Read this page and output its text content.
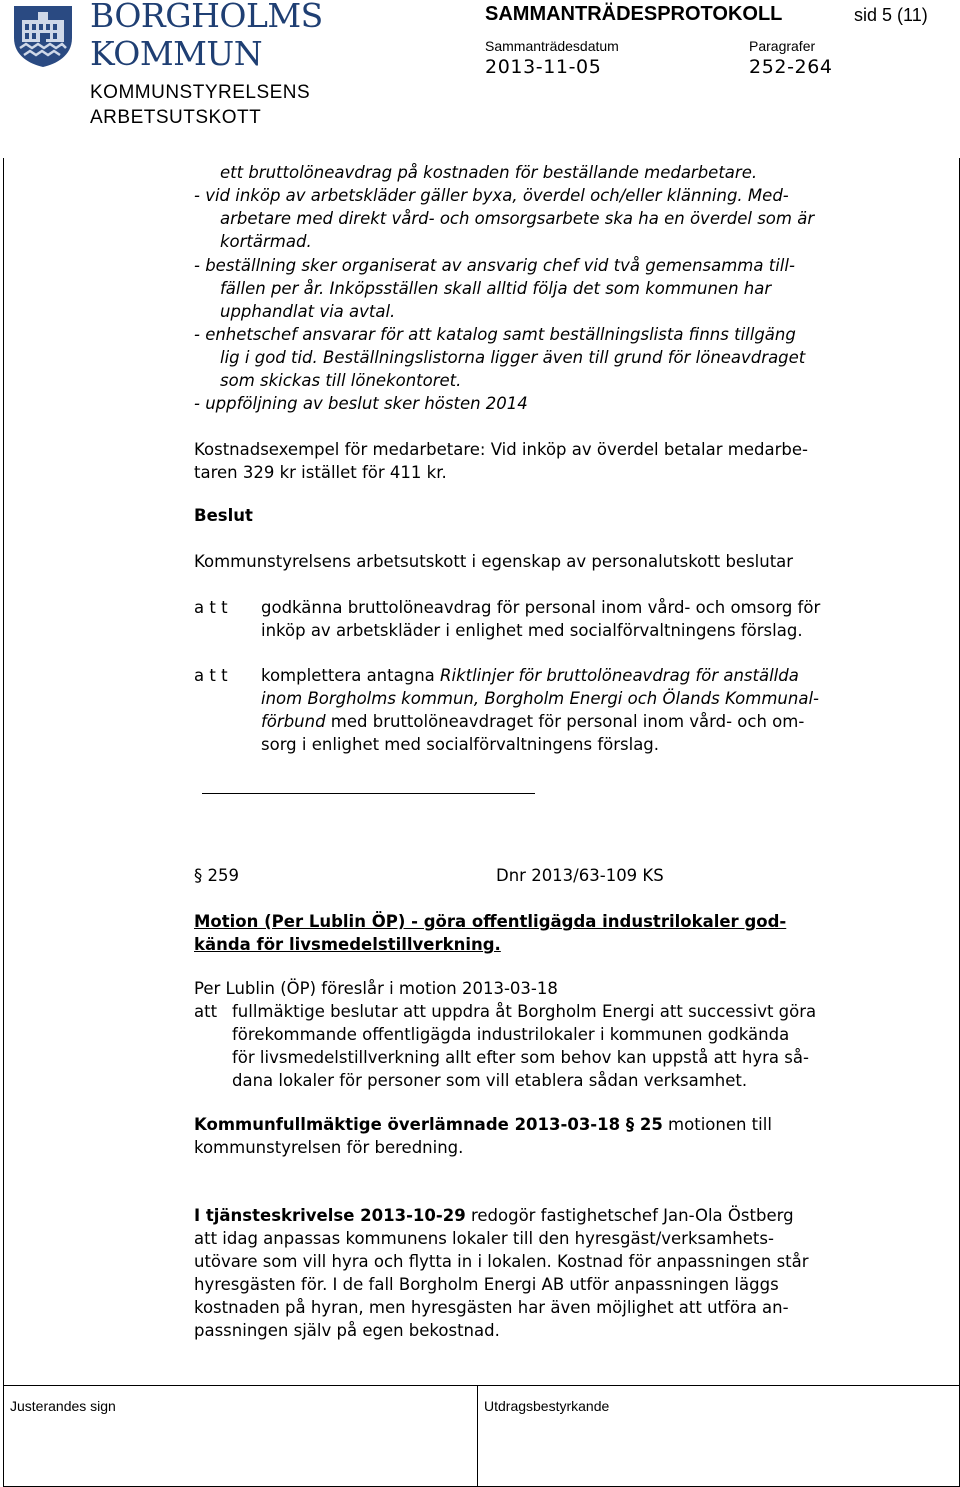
BORGHOLMS
KOMMUN
KOMMUNSTYRELSENS
ARBETSUTSKOTT
SAMMANTRÄDESPROTOKOLL	sid 5 (11)
Sammanträdesdatum
2013-11-05
Paragrafer
252-264
ett bruttolöneavdrag på kostnaden för beställande medarbetare.
- vid inköp av arbetskläder gäller byxa, överdel och/eller klänning. Med-
arbetare med direkt vård- och omsorgsarbete ska ha en överdel som är
kortärmad.
- beställning sker organiserat av ansvarig chef vid två gemensamma till-
fällen per år. Inköpsställen skall alltid följa det som kommunen har
upphandlat via avtal.
- enhetschef ansvarar för att katalog samt beställningslista finns tillgäng
lig i god tid. Beställningslistorna ligger även till grund för löneavdraget
som skickas till lönekontoret.
- uppföljning av beslut sker hösten 2014
Kostnadsexempel för medarbetare: Vid inköp av överdel betalar medarbe-
taren 329 kr istället för 411 kr.
Beslut
Kommunstyrelsens arbetsutskott i egenskap av personalutskott beslutar
a t t godkänna bruttolöneavdrag för personal inom vård- och omsorg för
inköp av arbetskläder i enlighet med socialförvaltningens förslag.
a t t komplettera antagna Riktlinjer för bruttolöneavdrag för anställda
inom Borgholms kommun, Borgholm Energi och Ölands Kommunal-
förbund med bruttolöneavdraget för personal inom vård- och om-
sorg i enlighet med socialförvaltningens förslag.
§ 259	Dnr 2013/63-109 KS
Motion (Per Lublin ÖP) - göra offentligägda industrilokaler god-
kända för livsmedelstillverkning.
Per Lublin (ÖP) föreslår i motion 2013-03-18
att fullmäktige beslutar att uppdra åt Borgholm Energi att successivt göra
förekommande offentligägda industrilokaler i kommunen godkända
för livsmedelstillverkning allt efter som behov kan uppstå att hyra så-
dana lokaler för personer som vill etablera sådan verksamhet.
Kommunfullmäktige överlämnade 2013-03-18 § 25 motionen till
kommunstyrelsen för beredning.
I tjänsteskrivelse 2013-10-29 redogör fastighetschef Jan-Ola Östberg
att idag anpassas kommunens lokaler till den hyresgäst/verksamhets-
utövare som vill hyra och flytta in i lokalen. Kostnad för anpassningen står
hyresgästen för. I de fall Borgholm Energi AB utför anpassningen läggs
kostnaden på hyran, men hyresgästen har även möjlighet att utföra an-
passningen själv på egen bekostnad.
Justerandes sign	Utdragsbestyrkande
